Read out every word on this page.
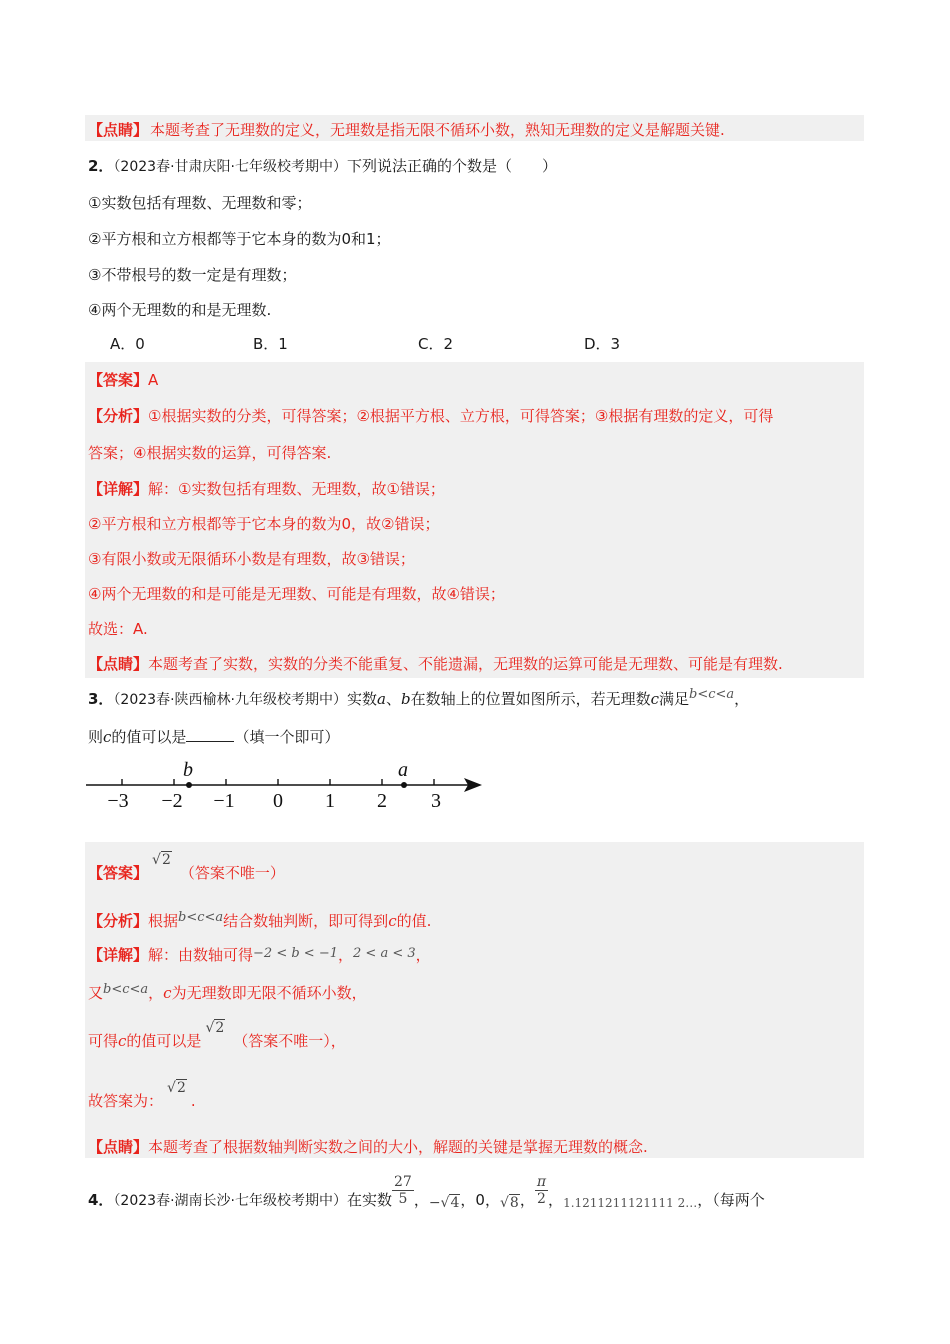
【点睛】 本题考查了无理数的定义，无理数是指无限不循环小数，熟知无理数的定义是解题关键.
2．（2023春·甘肃庆阳·七年级校考期中）下列说法正确的个数是（　　）
①实数包括有理数、无理数和零；
②平方根和立方根都等于它本身的数为0和1；
③不带根号的数一定是有理数；
④两个无理数的和是无理数.
A．0	B．1	C．2	D．3
【答案】A
【分析】①根据实数的分类，可得答案；②根据平方根、立方根，可得答案；③根据有理数的定义，可得
答案；④根据实数的运算，可得答案.
【详解】解：①实数包括有理数、无理数，故①错误；
②平方根和立方根都等于它本身的数为0，故②错误；
③有限小数或无限循环小数是有理数，故③错误；
④两个无理数的和是可能是无理数、可能是有理数，故④错误；
故选：A.
【点睛】本题考查了实数，实数的分类不能重复、不能遗漏，无理数的运算可能是无理数、可能是有理数.
3．（2023春·陕西榆林·九年级校考期中）实数a、b在数轴上的位置如图所示，若无理数c满足b<c<a，
则c的值可以是	（填一个即可）
b	a
−3 −2 −1 0 1 2 3
【答案】√2（答案不唯一）
【分析】根据b<c<a结合数轴判断，即可得到c的值.
【详解】解：由数轴可得−2 < b < −1，2 < a < 3，
又b<c<a，c为无理数即无限不循环小数，
可得c的值可以是√2（答案不唯一），
故答案为：√2.
【点睛】本题考查了根据数轴判断实数之间的大小，解题的关键是掌握无理数的概念.
4．（2023春·湖南长沙·七年级校考期中）在实数 $\frac{27}{5}$ ，−√4，0，√8， $\frac{\pi}{2}$ ，$_{1.1211211121111 2\dots}$，（每两个
